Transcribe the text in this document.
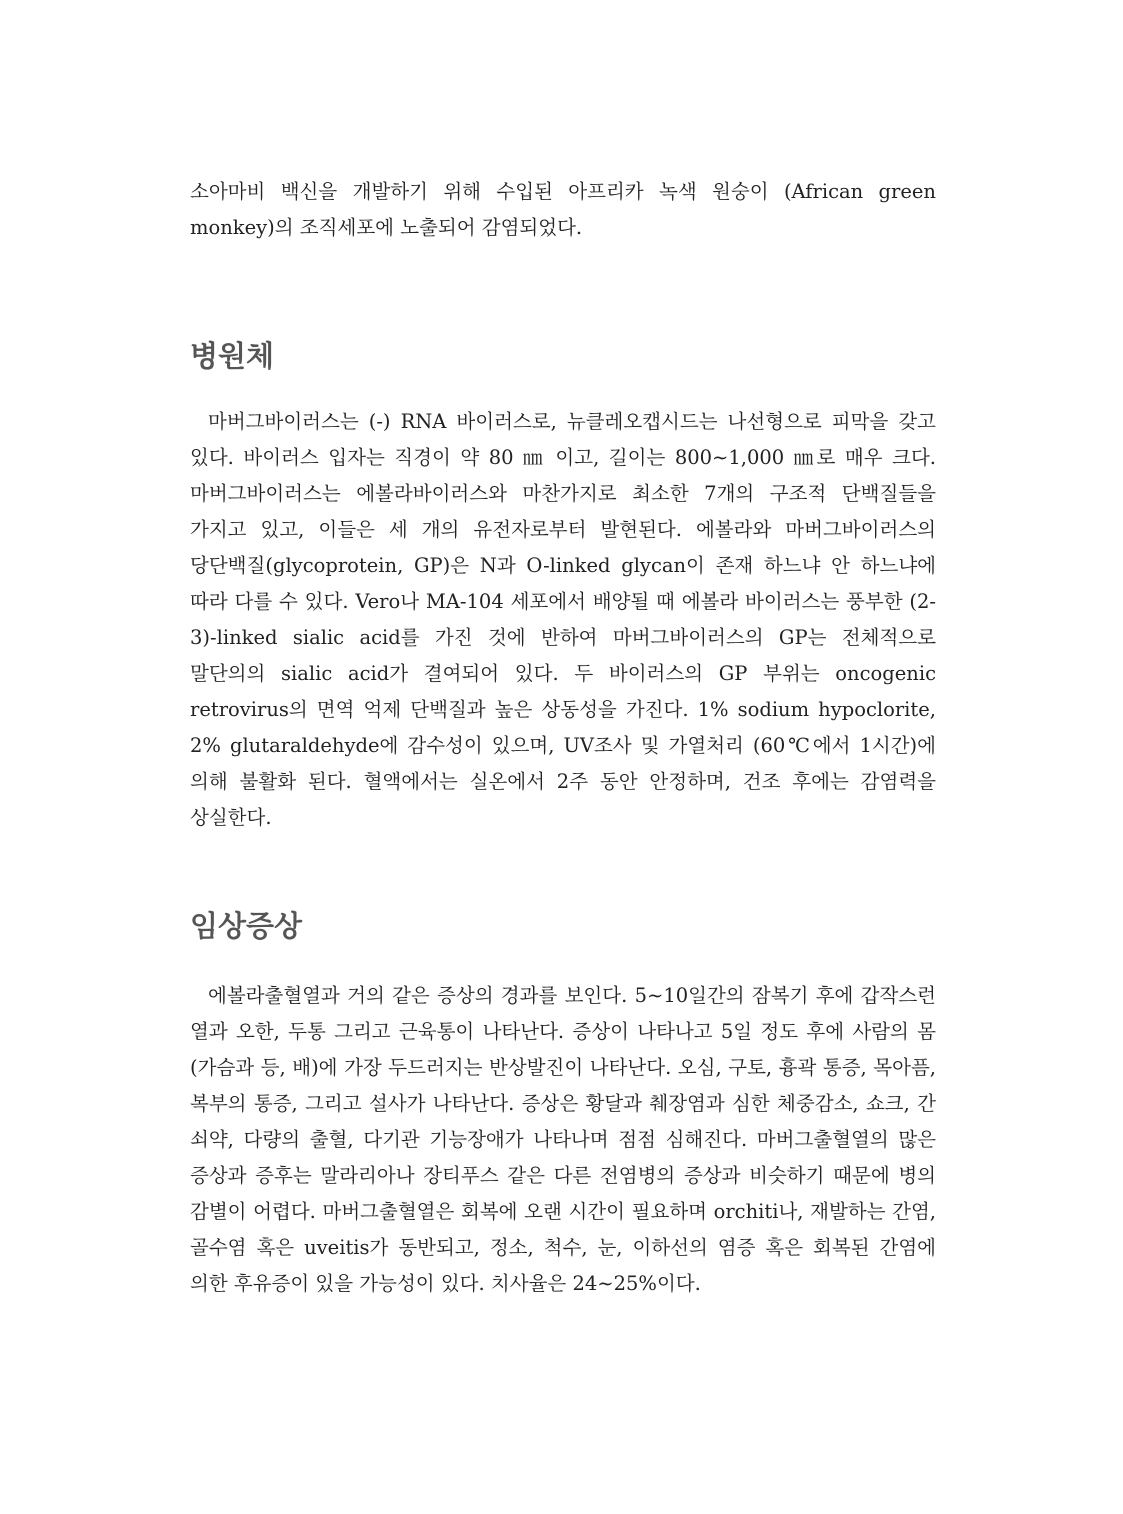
소아마비 백신을 개발하기 위해 수입된 아프리카 녹색 원숭이 (African green monkey)의 조직세포에 노출되어 감염되었다.

병원체

마버그바이러스는 (-) RNA 바이러스로, 뉴클레오캡시드는 나선형으로 피막을 갖고 있다. 바이러스 입자는 직경이 약 80 ㎚ 이고, 길이는 800∼1,000 ㎚로 매우 크다. 마버그바이러스는 에볼라바이러스와 마찬가지로 최소한 7개의 구조적 단백질들을 가지고 있고, 이들은 세 개의 유전자로부터 발현된다. 에볼라와 마버그바이러스의 당단백질(glycoprotein, GP)은 N과 O-linked glycan이 존재 하느냐 안 하느냐에 따라 다를 수 있다. Vero나 MA-104 세포에서 배양될 때 에볼라 바이러스는 풍부한 (2-3)-linked sialic acid를 가진 것에 반하여 마버그바이러스의 GP는 전체적으로 말단의의 sialic acid가 결여되어 있다. 두 바이러스의 GP 부위는 oncogenic retrovirus의 면역 억제 단백질과 높은 상동성을 가진다. 1% sodium hypoclorite, 2% glutaraldehyde에 감수성이 있으며, UV조사 및 가열처리 (60℃에서 1시간)에 의해 불활화 된다. 혈액에서는 실온에서 2주 동안 안정하며, 건조 후에는 감염력을 상실한다.

임상증상

에볼라출혈열과 거의 같은 증상의 경과를 보인다. 5∼10일간의 잠복기 후에 갑작스런 열과 오한, 두통 그리고 근육통이 나타난다. 증상이 나타나고 5일 정도 후에 사람의 몸 (가슴과 등, 배)에 가장 두드러지는 반상발진이 나타난다. 오심, 구토, 흉곽 통증, 목아픔, 복부의 통증, 그리고 설사가 나타난다. 증상은 황달과 췌장염과 심한 체중감소, 쇼크, 간 쇠약, 다량의 출혈, 다기관 기능장애가 나타나며 점점 심해진다. 마버그출혈열의 많은 증상과 증후는 말라리아나 장티푸스 같은 다른 전염병의 증상과 비슷하기 때문에 병의 감별이 어렵다. 마버그출혈열은 회복에 오랜 시간이 필요하며 orchiti나, 재발하는 간염, 골수염 혹은 uveitis가 동반되고, 정소, 척수, 눈, 이하선의 염증 혹은 회복된 간염에 의한 후유증이 있을 가능성이 있다. 치사율은 24∼25%이다.
